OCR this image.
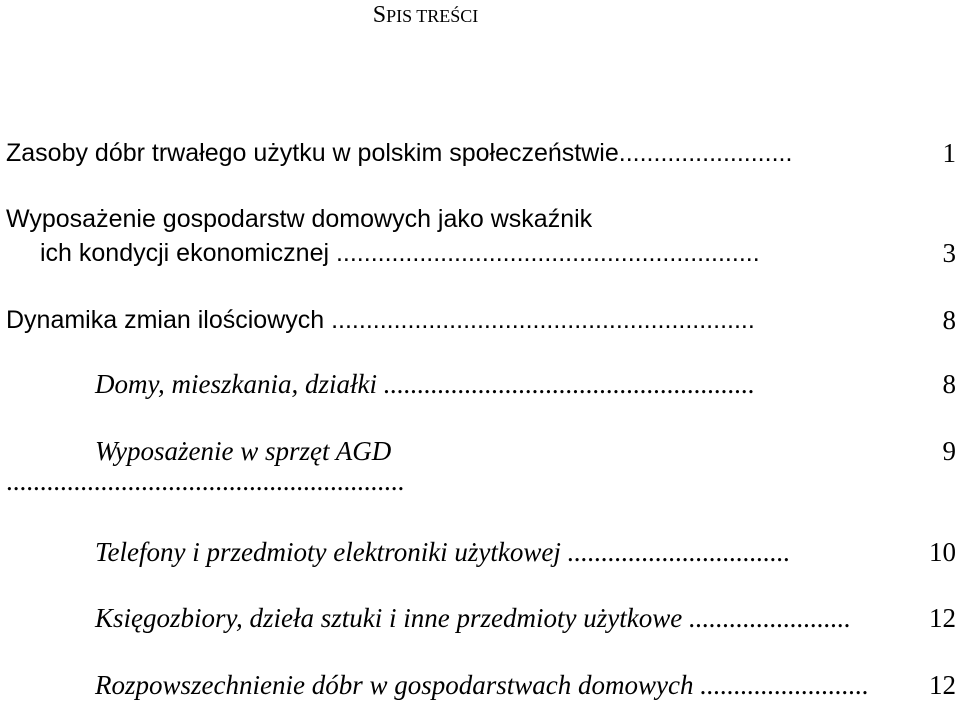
SPIS TREŚCI
Zasoby dóbr trwałego użytku w polskim społeczeństwie.........................	1
Wyposażenie gospodarstw domowych jako wskaźnik
ich kondycji ekonomicznej .............................................................	3
Dynamika zmian ilościowych .............................................................	8
Domy, mieszkania, działki .......................................................	8
Wyposażenie w sprzęt AGD	9
...........................................................
Telefony i przedmioty elektroniki użytkowej .................................	10
Księgozbiory, dzieła sztuki i inne przedmioty użytkowe ........................	12
Rozpowszechnienie dóbr w gospodarstwach domowych ......................... 12
